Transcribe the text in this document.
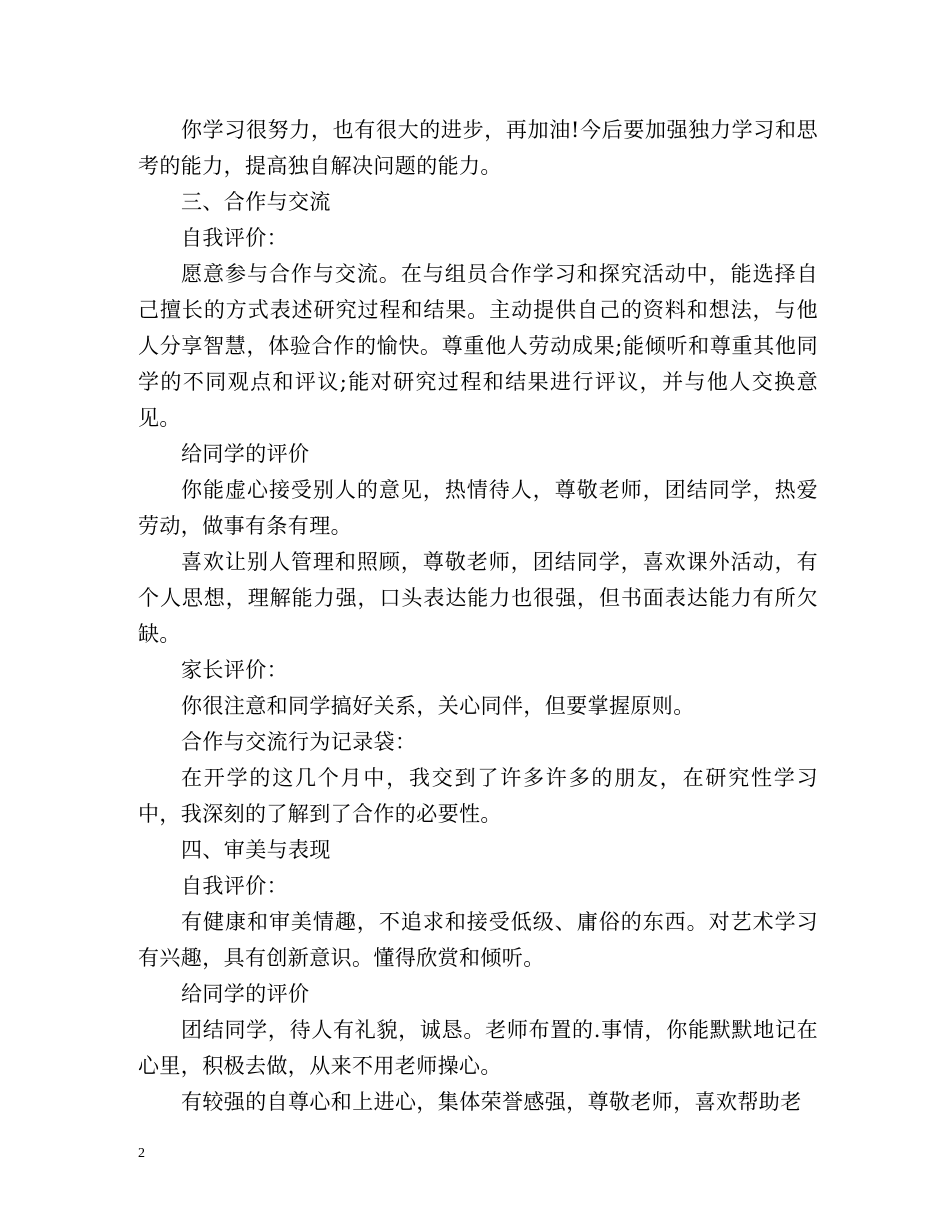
你学习很努力，也有很大的进步，再加油!今后要加强独力学习和思考的能力，提高独自解决问题的能力。

三、合作与交流

自我评价：

愿意参与合作与交流。在与组员合作学习和探究活动中，能选择自己擅长的方式表述研究过程和结果。主动提供自己的资料和想法，与他人分享智慧，体验合作的愉快。尊重他人劳动成果;能倾听和尊重其他同学的不同观点和评议;能对研究过程和结果进行评议，并与他人交换意见。

给同学的评价

你能虚心接受别人的意见，热情待人，尊敬老师，团结同学，热爱劳动，做事有条有理。

喜欢让别人管理和照顾，尊敬老师，团结同学，喜欢课外活动，有个人思想，理解能力强，口头表达能力也很强，但书面表达能力有所欠缺。

家长评价：

你很注意和同学搞好关系，关心同伴，但要掌握原则。

合作与交流行为记录袋：

在开学的这几个月中，我交到了许多许多的朋友，在研究性学习中，我深刻的了解到了合作的必要性。

四、审美与表现

自我评价：

有健康和审美情趣，不追求和接受低级、庸俗的东西。对艺术学习有兴趣，具有创新意识。懂得欣赏和倾听。

给同学的评价

团结同学，待人有礼貌，诚恳。老师布置的.事情，你能默默地记在心里，积极去做，从来不用老师操心。

有较强的自尊心和上进心，集体荣誉感强，尊敬老师，喜欢帮助老

2
